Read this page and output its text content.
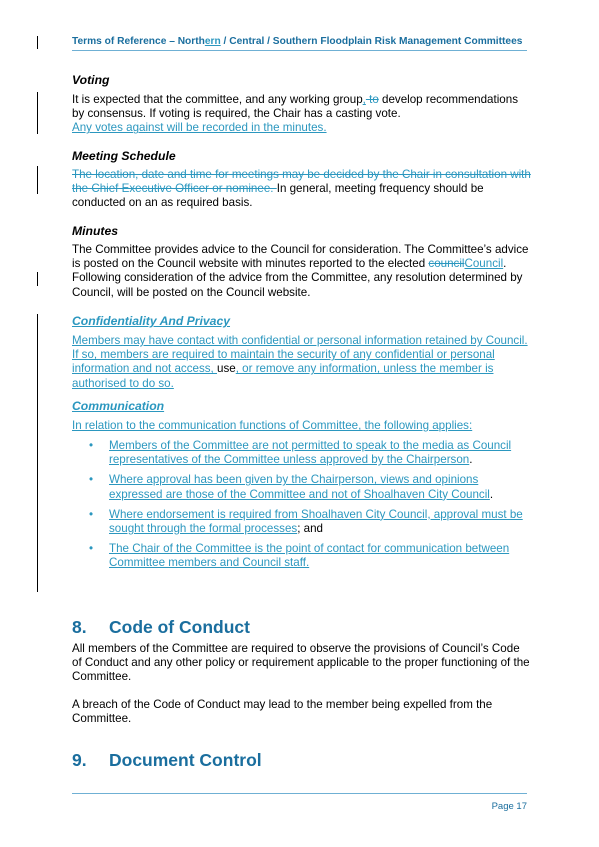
Terms of Reference – Northern / Central / Southern Floodplain Risk Management Committees
Voting
It is expected that the committee, and any working group, to develop recommendations by consensus. If voting is required, the Chair has a casting vote.
Any votes against will be recorded in the minutes.
Meeting Schedule
The location, date and time for meetings may be decided by the Chair in consultation with the Chief Executive Officer or nominee. In general, meeting frequency should be conducted on an as required basis.
Minutes
The Committee provides advice to the Council for consideration. The Committee’s advice is posted on the Council website with minutes reported to the elected councilCouncil. Following consideration of the advice from the Committee, any resolution determined by Council, will be posted on the Council website.
Confidentiality And Privacy
Members may have contact with confidential or personal information retained by Council. If so, members are required to maintain the security of any confidential or personal information and not access, use, or remove any information, unless the member is authorised to do so.
Communication
In relation to the communication functions of Committee, the following applies:
• Members of the Committee are not permitted to speak to the media as Council representatives of the Committee unless approved by the Chairperson.
• Where approval has been given by the Chairperson, views and opinions expressed are those of the Committee and not of Shoalhaven City Council.
• Where endorsement is required from Shoalhaven City Council, approval must be sought through the formal processes; and
• The Chair of the Committee is the point of contact for communication between Committee members and Council staff.
8. Code of Conduct
All members of the Committee are required to observe the provisions of Council’s Code of Conduct and any other policy or requirement applicable to the proper functioning of the Committee.
A breach of the Code of Conduct may lead to the member being expelled from the Committee.
9. Document Control
Page 17
